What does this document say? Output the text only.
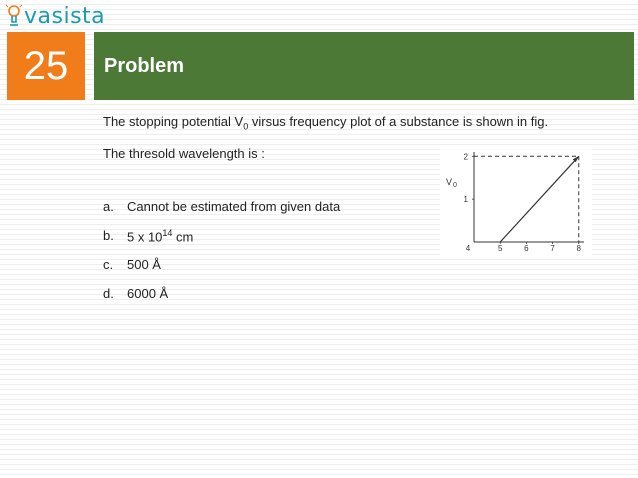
vasista
25 Problem
The stopping potential $V_0$ virsus frequency plot of a substance is shown in fig.
The thresold wavelength is :
a.	Cannot be estimated from given data
b.	5 x $10^{14}$ cm
c.	500 Å
d.	6000 Å
4	5	6	7	8
1
2
V 0
